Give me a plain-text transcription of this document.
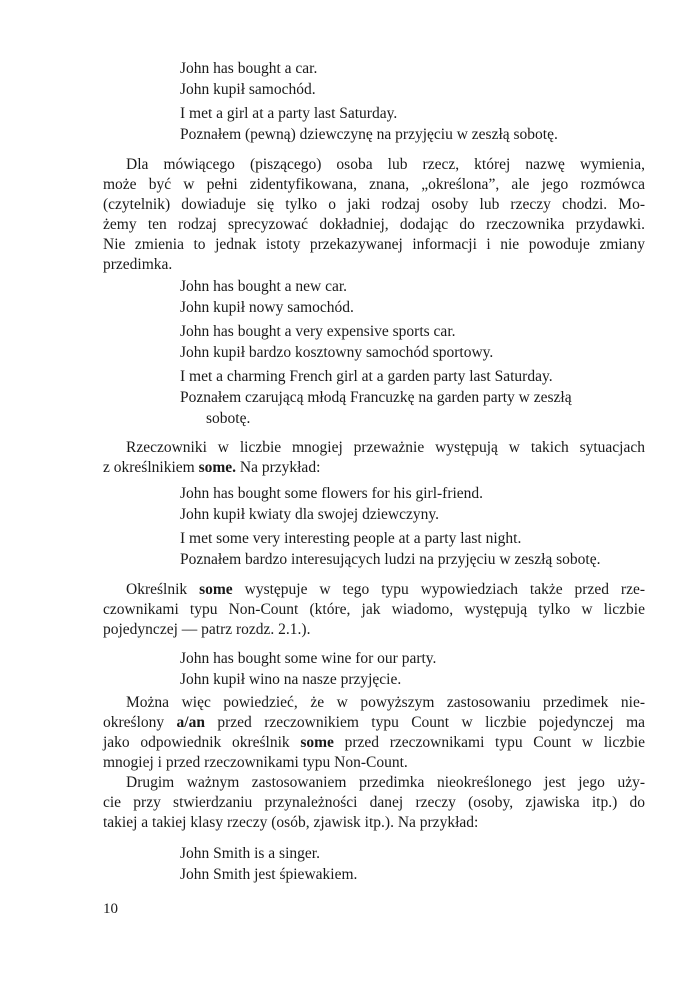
John has bought a car.
John kupił samochód.
I met a girl at a party last Saturday.
Poznałem (pewną) dziewczynę na przyjęciu w zeszłą sobotę.
Dla mówiącego (piszącego) osoba lub rzecz, której nazwę wymienia,
może być w pełni zidentyfikowana, znana, „określona”, ale jego rozmówca
(czytelnik) dowiaduje się tylko o jaki rodzaj osoby lub rzeczy chodzi. Mo-
żemy ten rodzaj sprecyzować dokładniej, dodając do rzeczownika przydawki.
Nie zmienia to jednak istoty przekazywanej informacji i nie powoduje zmiany
przedimka.
John has bought a new car.
John kupił nowy samochód.
John has bought a very expensive sports car.
John kupił bardzo kosztowny samochód sportowy.
I met a charming French girl at a garden party last Saturday.
Poznałem czarującą młodą Francuzkę na garden party w zeszłą
sobotę.
Rzeczowniki w liczbie mnogiej przeważnie występują w takich sytuacjach
z określnikiem some. Na przykład:
John has bought some flowers for his girl-friend.
John kupił kwiaty dla swojej dziewczyny.
I met some very interesting people at a party last night.
Poznałem bardzo interesujących ludzi na przyjęciu w zeszłą sobotę.
Określnik some występuje w tego typu wypowiedziach także przed rze-
czownikami typu Non-Count (które, jak wiadomo, występują tylko w liczbie
pojedynczej — patrz rozdz. 2.1.).
John has bought some wine for our party.
John kupił wino na nasze przyjęcie.
Można więc powiedzieć, że w powyższym zastosowaniu przedimek nie-
określony a/an przed rzeczownikiem typu Count w liczbie pojedynczej ma
jako odpowiednik określnik some przed rzeczownikami typu Count w liczbie
mnogiej i przed rzeczownikami typu Non-Count.
Drugim ważnym zastosowaniem przedimka nieokreślonego jest jego uży-
cie przy stwierdzaniu przynależności danej rzeczy (osoby, zjawiska itp.) do
takiej a takiej klasy rzeczy (osób, zjawisk itp.). Na przykład:
John Smith is a singer.
John Smith jest śpiewakiem.
10
